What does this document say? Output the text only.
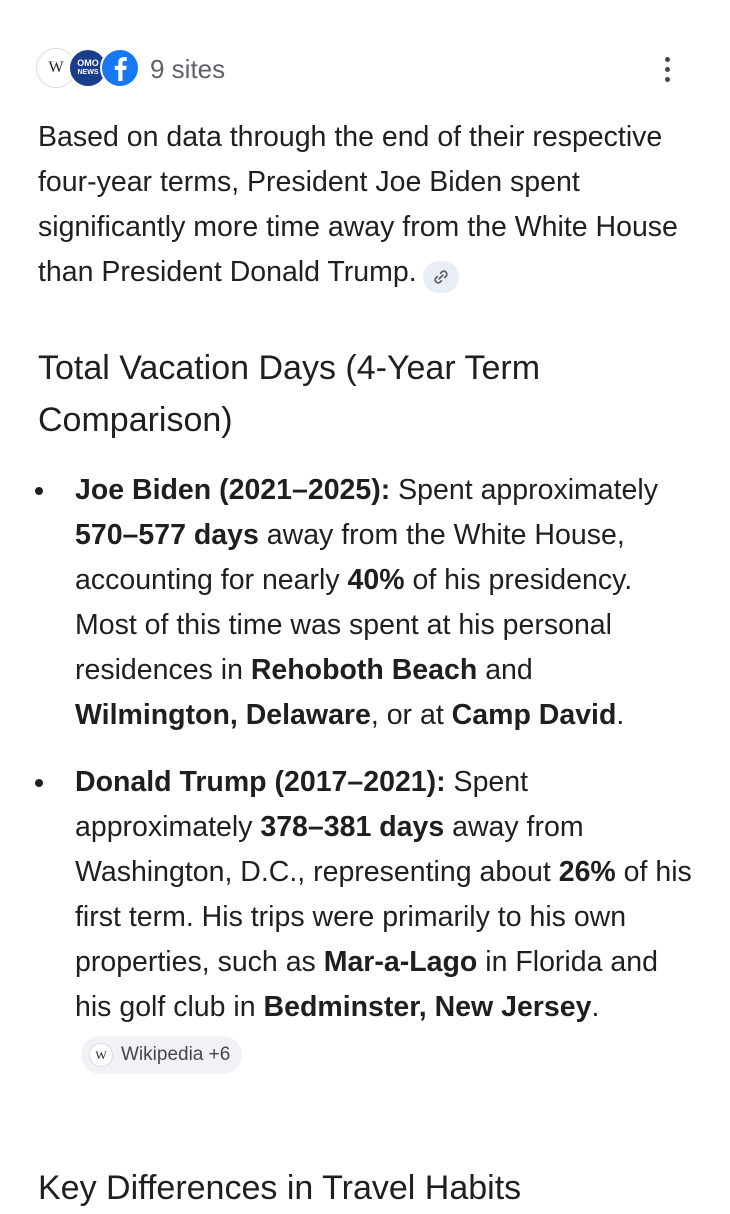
W	OMO
NEWS 9 sites

Based on data through the end of their respective four-year terms, President Joe Biden spent significantly more time away from the White House than President Donald Trump.

Total Vacation Days (4-Year Term Comparison)
Joe Biden (2021–2025): Spent approximately 570–577 days away from the White House, accounting for nearly 40% of his presidency. Most of this time was spent at his personal residences in Rehoboth Beach and Wilmington, Delaware, or at Camp David.
Donald Trump (2017–2021): Spent approximately 378–381 days away from Washington, D.C., representing about 26% of his first term. His trips were primarily to his own properties, such as Mar-a-Lago in Florida and his golf club in Bedminster, New Jersey.
W Wikipedia +6
Key Differences in Travel Habits
